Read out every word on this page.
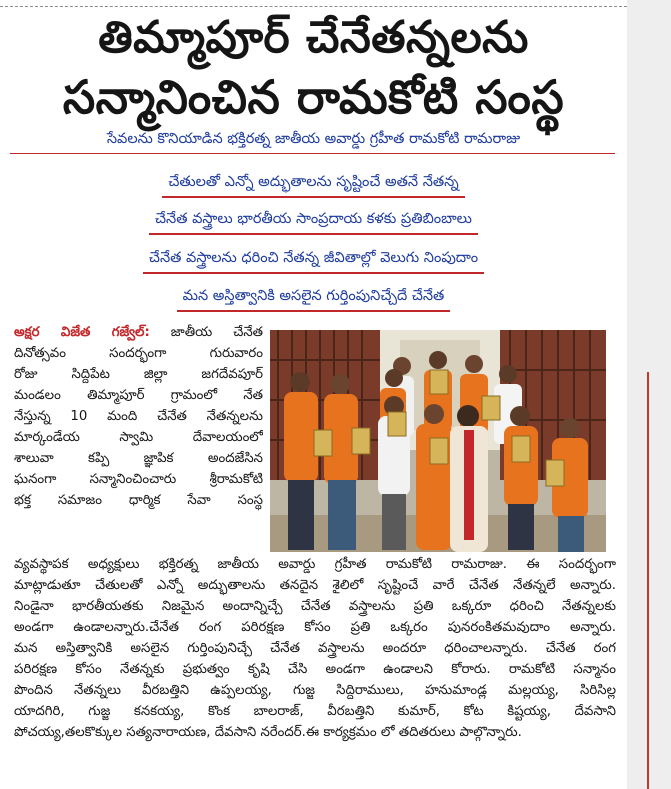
తిమ్మాపూర్ చేనేతన్నలను
సన్మానించిన రామకోటి సంస్థ
సేవలను కొనియాడిన భక్తిరత్న జాతీయ అవార్డు గ్రహీత రామకోటి రామరాజు
చేతులతో ఎన్నో అద్భుతాలను సృష్టించే అతనే నేతన్న
చేనేత వస్త్రాలు భారతీయ సాంప్రదాయ కళకు ప్రతిబింబాలు
చేనేత వస్త్రాలను ధరించి నేతన్న జీవితాల్లో వెలుగు నింపుదాం
మన అస్తిత్వానికి అసలైన గుర్తింపునిచ్చేదే చేనేత

అక్షర విజేత గజ్వేల్: జాతీయ చేనేత

దినోత్సవం సందర్భంగా గురువారం

రోజు సిద్దిపేట జిల్లా జగదేవపూర్

మండలం తిమ్మాపూర్ గ్రామంలో నేత

నేస్తున్న 10 మంది చేనేత నేతన్నలను

మార్కండేయ స్వామి దేవాలయంలో

శాలువా కప్పి జ్ఞాపిక అందజేసిన

ఘనంగా సన్మానించించారు శ్రీరామకోటి

భక్త సమాజం ధార్మిక సేవా సంస్థ

వ్యవస్థాపక అధ్యక్షులు భక్తిరత్న జాతీయ అవార్డు గ్రహీత రామకోటి రామరాజు. ఈ సందర్భంగా

మాట్లాడుతూ చేతులతో ఎన్నో అద్భుతాలను తనదైన శైలిలో సృష్టించే వారే చేనేత నేతన్నలే అన్నారు.

నిండైనా భారతీయతకు నిజమైన అందాన్నిచ్చే చేనేత వస్త్రాలను ప్రతి ఒక్కరూ ధరించి నేతన్నలకు

అండగా ఉండాలన్నారు.చేనేత రంగ పరిరక్షణ కోసం ప్రతి ఒక్కరం పునరంకితమవుదాం అన్నారు.

మన అస్తిత్వానికి అసలైన గుర్తింపునిచ్చే చేనేత వస్త్రాలను అందరూ ధరించాలన్నారు. చేనేత రంగ

పరిరక్షణ కోసం నేతన్నకు ప్రభుత్వం కృషి చేసి అండగా ఉండాలని కోరారు. రామకోటి సన్మానం

పొందిన నేతన్నలు వీరబత్తిని ఉప్పలయ్య, గుజ్జ సిద్దిరాములు, హనుమాండ్ల మల్లయ్య, సిరిసిల్ల

యాదగిరి, గుజ్జ కనకయ్య, కొంక బాలరాజ్, వీరబత్తిని కుమార్, కోట కిష్టయ్య, దేవసాని

పోచయ్య,తలకొక్కుల సత్యనారాయణ, దేవసాని నరేందర్.ఈ కార్యక్రమం లో తదితరులు పాల్గొన్నారు.
